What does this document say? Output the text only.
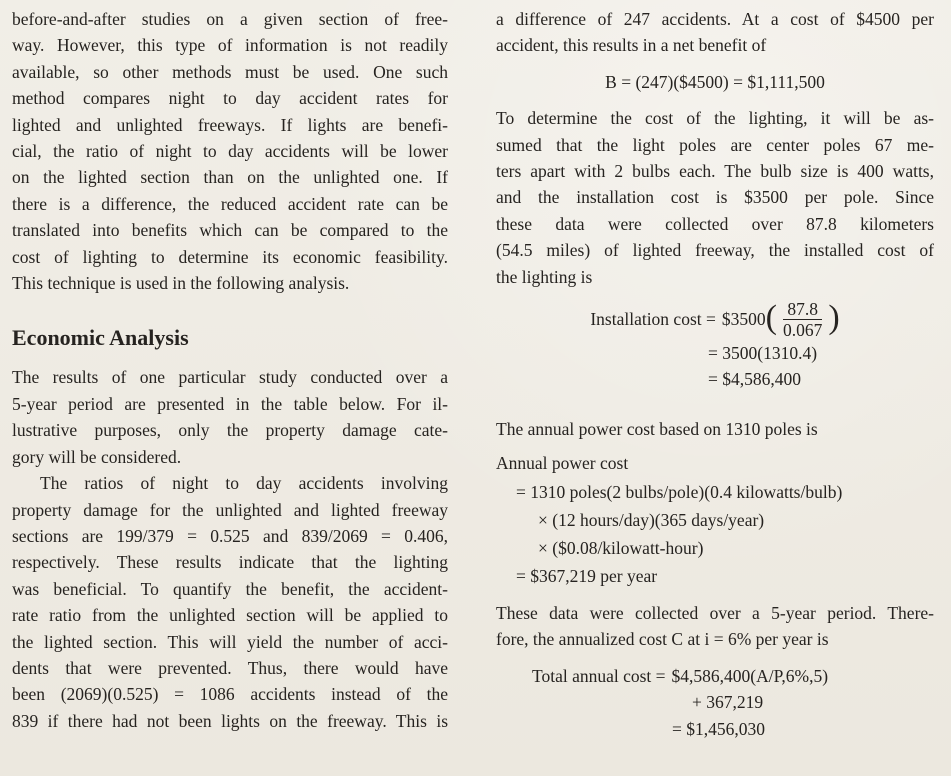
before-and-after studies on a given section of free-
way. However, this type of information is not readily
available, so other methods must be used. One such
method compares night to day accident rates for
lighted and unlighted freeways. If lights are benefi-
cial, the ratio of night to day accidents will be lower
on the lighted section than on the unlighted one. If
there is a difference, the reduced accident rate can be
translated into benefits which can be compared to the
cost of lighting to determine its economic feasibility.
This technique is used in the following analysis.
Economic Analysis
The results of one particular study conducted over a
5-year period are presented in the table below. For il-
lustrative purposes, only the property damage cate-
gory will be considered.
The ratios of night to day accidents involving
property damage for the unlighted and lighted freeway
sections are 199/379 = 0.525 and 839/2069 = 0.406,
respectively. These results indicate that the lighting
was beneficial. To quantify the benefit, the accident-
rate ratio from the unlighted section will be applied to
the lighted section. This will yield the number of acci-
dents that were prevented. Thus, there would have
been (2069)(0.525) = 1086 accidents instead of the
839 if there had not been lights on the freeway. This is
a difference of 247 accidents. At a cost of $4500 per
accident, this results in a net benefit of
B = (247)($4500) = $1,111,500
To determine the cost of the lighting, it will be as-
sumed that the light poles are center poles 67 me-
ters apart with 2 bulbs each. The bulb size is 400 watts,
and the installation cost is $3500 per pole. Since
these data were collected over 87.8 kilometers
(54.5 miles) of lighted freeway, the installed cost of
the lighting is
Installation cost = $3500 ( $\frac{87.8}{0.067}$ )
= 3500(1310.4)
= $4,586,400
The annual power cost based on 1310 poles is
Annual power cost
= 1310 poles(2 bulbs/pole)(0.4 kilowatts/bulb)
× (12 hours/day)(365 days/year)
× ($0.08/kilowatt-hour)
= $367,219 per year
These data were collected over a 5-year period. There-
fore, the annualized cost C at i = 6% per year is
Total annual cost = $4,586,400(A/P,6%,5)
+ 367,219
= $1,456,030
